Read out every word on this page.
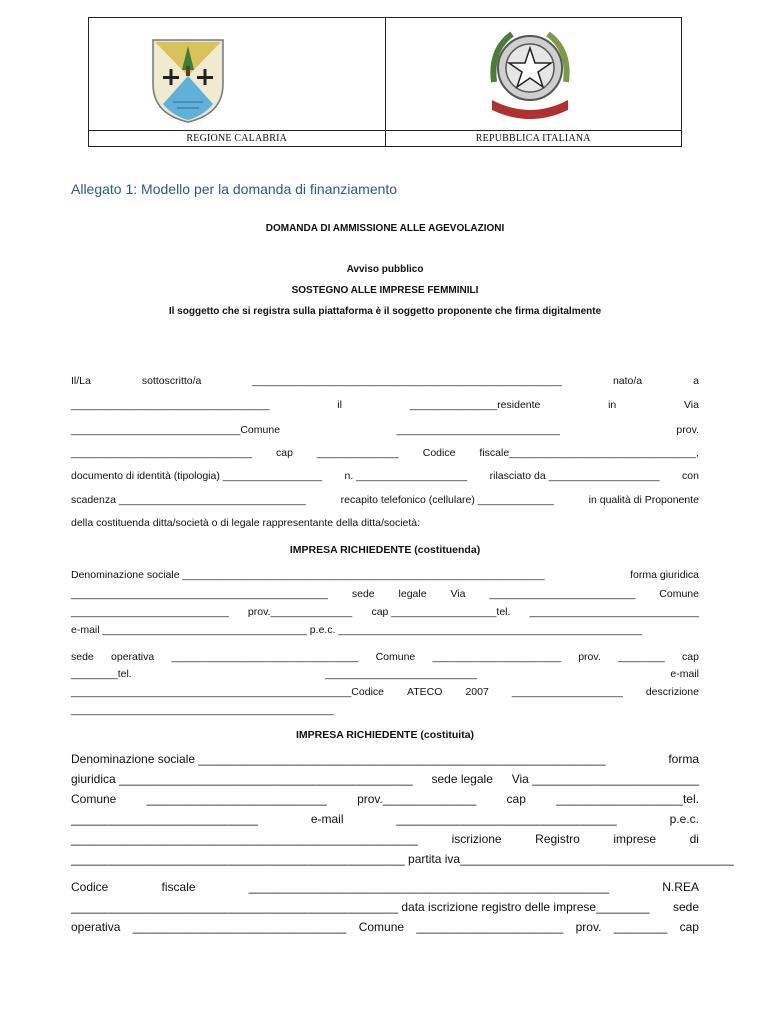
REGIONE CALABRIA	REPUBBLICA ITALIANA
Allegato 1: Modello per la domanda di finanziamento
DOMANDA DI AMMISSIONE ALLE AGEVOLAZIONI
Avviso pubblico
SOSTEGNO ALLE IMPRESE FEMMINILI
Il soggetto che si registra sulla piattaforma è il soggetto proponente che firma digitalmente
Il/La	sottoscritto/a	_____________________________________________________	nato/a	a
__________________________________	il	_______________residente	in	Via
_____________________________Comune	____________________________	prov.
_______________________________ cap ______________ Codice fiscale________________________________,
documento di identità (tipologia) _________________ n. ___________________ rilasciato da ___________________ con
scadenza ________________________________	recapito telefonico (cellulare) _____________	in qualità di Proponente
della costituenda ditta/società o di legale rappresentante della ditta/società:
IMPRESA RICHIEDENTE (costituenda)
Denominazione sociale ______________________________________________________________	forma giuridica
____________________________________________ sede legale Via _________________________ Comune
___________________________ prov.______________ cap __________________tel. _____________________________
e-mail ___________________________________ p.e.c. ____________________________________________________
sede operativa ________________________________ Comune ______________________ prov. ________ cap
________tel.	__________________________	e-mail
________________________________________________Codice ATECO 2007 ___________________ descrizione
_____________________________________________
IMPRESA RICHIEDENTE (costituita)
Denominazione sociale _____________________________________________________________	forma
giuridica ____________________________________________ sede legale Via _________________________
Comune	___________________________	prov.______________	cap	___________________tel.
____________________________	e-mail	_________________________________	p.e.c.
____________________________________________________	iscrizione	Registro	imprese	di
__________________________________________________ partita iva _________________________________________
Codice	fiscale	______________________________________________________	N.REA
_________________________________________________ data iscrizione registro delle imprese________ sede
operativa ________________________________ Comune ______________________ prov. ________ cap
